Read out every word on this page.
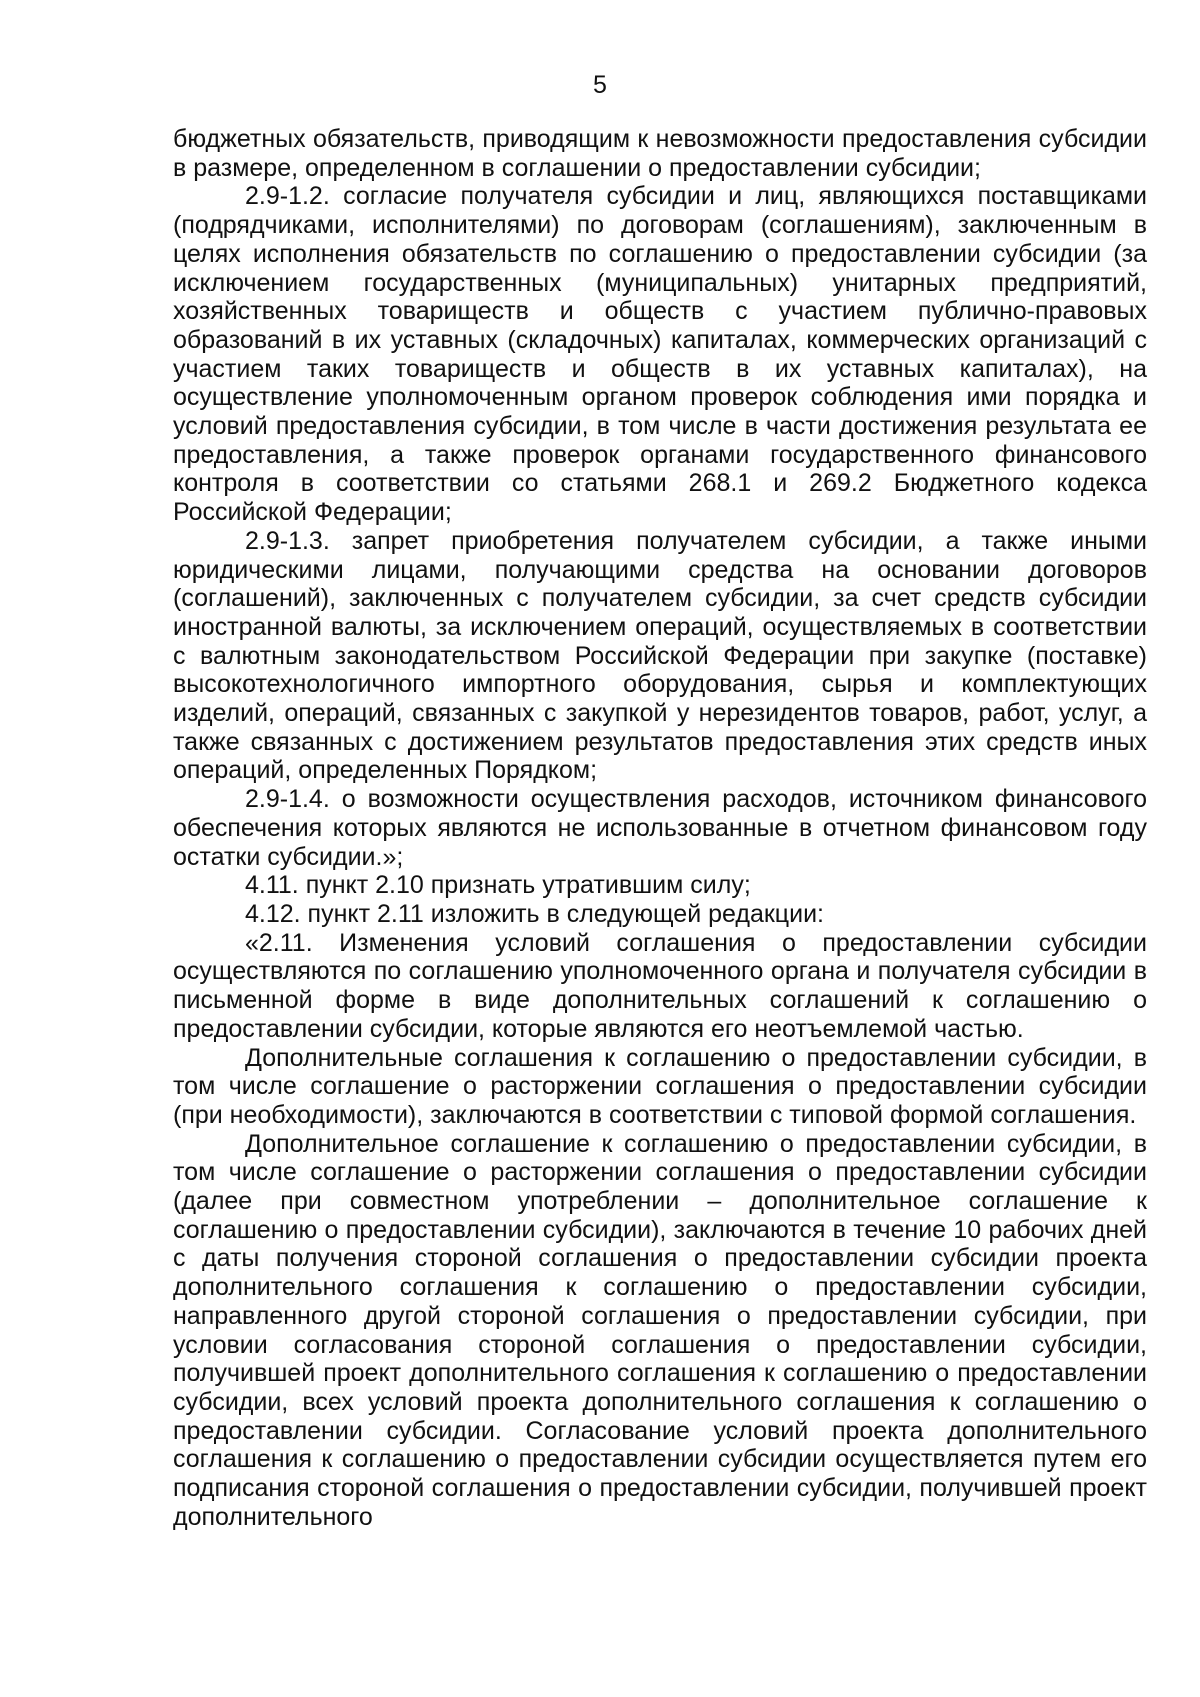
5

бюджетных обязательств, приводящим к невозможности предоставления субсидии в размере, определенном в соглашении о предоставлении субсидии;

2.9-1.2. согласие получателя субсидии и лиц, являющихся поставщиками (подрядчиками, исполнителями) по договорам (соглашениям), заключенным в целях исполнения обязательств по соглашению о предоставлении субсидии (за исключением государственных (муниципальных) унитарных предприятий, хозяйственных товариществ и обществ с участием публично-правовых образований в их уставных (складочных) капиталах, коммерческих организаций с участием таких товариществ и обществ в их уставных капиталах), на осуществление уполномоченным органом проверок соблюдения ими порядка и условий предоставления субсидии, в том числе в части достижения результата ее предоставления, а также проверок органами государственного финансового контроля в соответствии со статьями 268.1 и 269.2 Бюджетного кодекса Российской Федерации;

2.9-1.3. запрет приобретения получателем субсидии, а также иными юридическими лицами, получающими средства на основании договоров (соглашений), заключенных с получателем субсидии, за счет средств субсидии иностранной валюты, за исключением операций, осуществляемых в соответствии с валютным законодательством Российской Федерации при закупке (поставке) высокотехнологичного импортного оборудования, сырья и комплектующих изделий, операций, связанных с закупкой у нерезидентов товаров, работ, услуг, а также связанных с достижением результатов предоставления этих средств иных операций, определенных Порядком;

2.9-1.4. о возможности осуществления расходов, источником финансового обеспечения которых являются не использованные в отчетном финансовом году остатки субсидии.»;

4.11. пункт 2.10 признать утратившим силу;

4.12. пункт 2.11 изложить в следующей редакции:

«2.11. Изменения условий соглашения о предоставлении субсидии осуществляются по соглашению уполномоченного органа и получателя субсидии в письменной форме в виде дополнительных соглашений к соглашению о предоставлении субсидии, которые являются его неотъемлемой частью.

Дополнительные соглашения к соглашению о предоставлении субсидии, в том числе соглашение о расторжении соглашения о предоставлении субсидии (при необходимости), заключаются в соответствии с типовой формой соглашения.

Дополнительное соглашение к соглашению о предоставлении субсидии, в том числе соглашение о расторжении соглашения о предоставлении субсидии (далее при совместном употреблении – дополнительное соглашение к соглашению о предоставлении субсидии), заключаются в течение 10 рабочих дней с даты получения стороной соглашения о предоставлении субсидии проекта дополнительного соглашения к соглашению о предоставлении субсидии, направленного другой стороной соглашения о предоставлении субсидии, при условии согласования стороной соглашения о предоставлении субсидии, получившей проект дополнительного соглашения к соглашению о предоставлении субсидии, всех условий проекта дополнительного соглашения к соглашению о предоставлении субсидии. Согласование условий проекта дополнительного соглашения к соглашению о предоставлении субсидии осуществляется путем его подписания стороной соглашения о предоставлении субсидии, получившей проект дополнительного
